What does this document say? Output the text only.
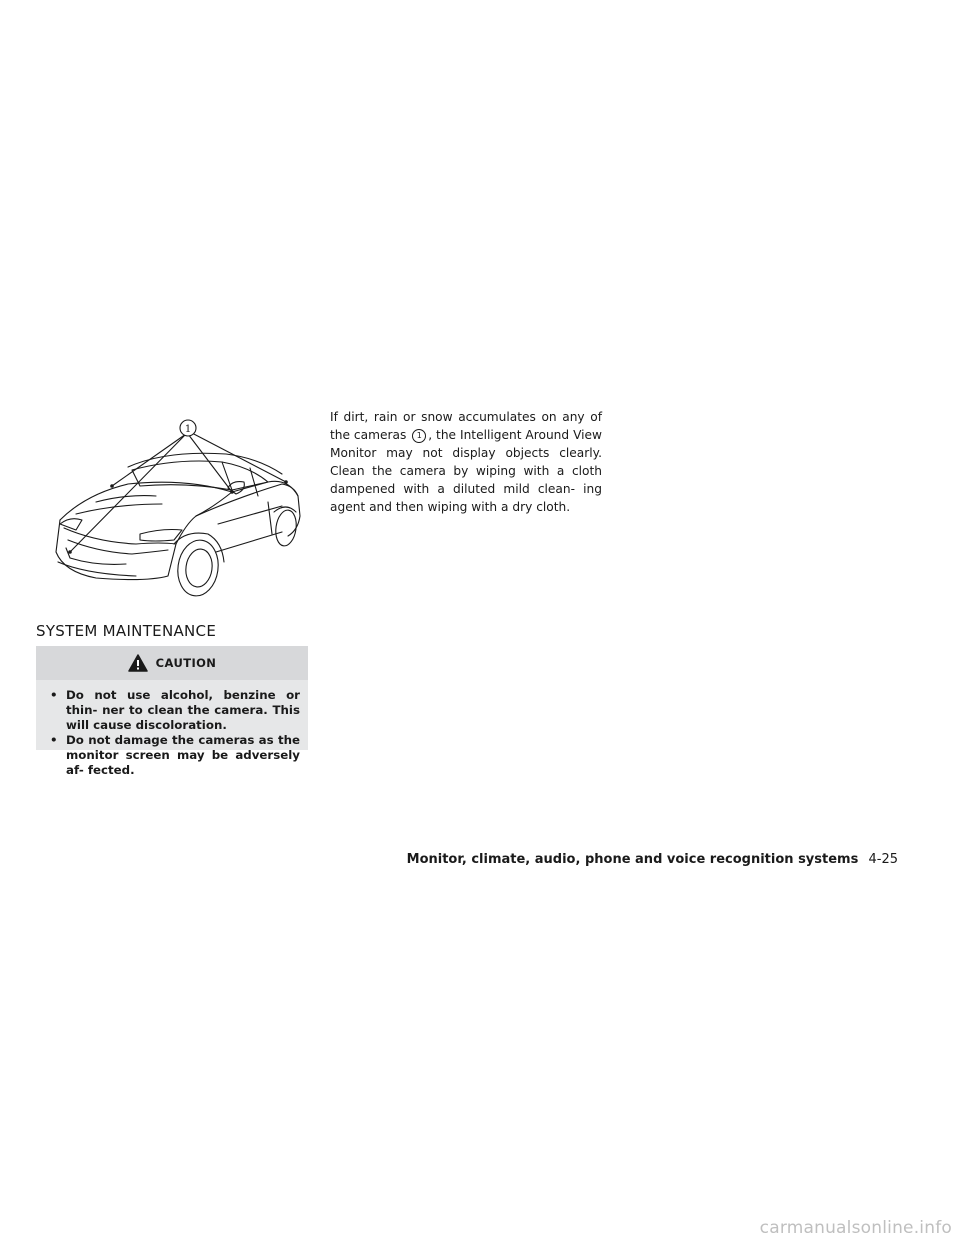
1
SYSTEM MAINTENANCE
CAUTION
• Do not use alcohol, benzine or thin- ner to clean the camera. This will cause discoloration.
• Do not damage the cameras as the monitor screen may be adversely af- fected.

If dirt, rain or snow accumulates on any of the cameras 1 , the Intelligent Around View Monitor may not display objects clearly. Clean the camera by wiping with a cloth dampened with a diluted mild clean- ing agent and then wiping with a dry cloth.

Monitor, climate, audio, phone and voice recognition systems 4-25
carmanualsonline.info
